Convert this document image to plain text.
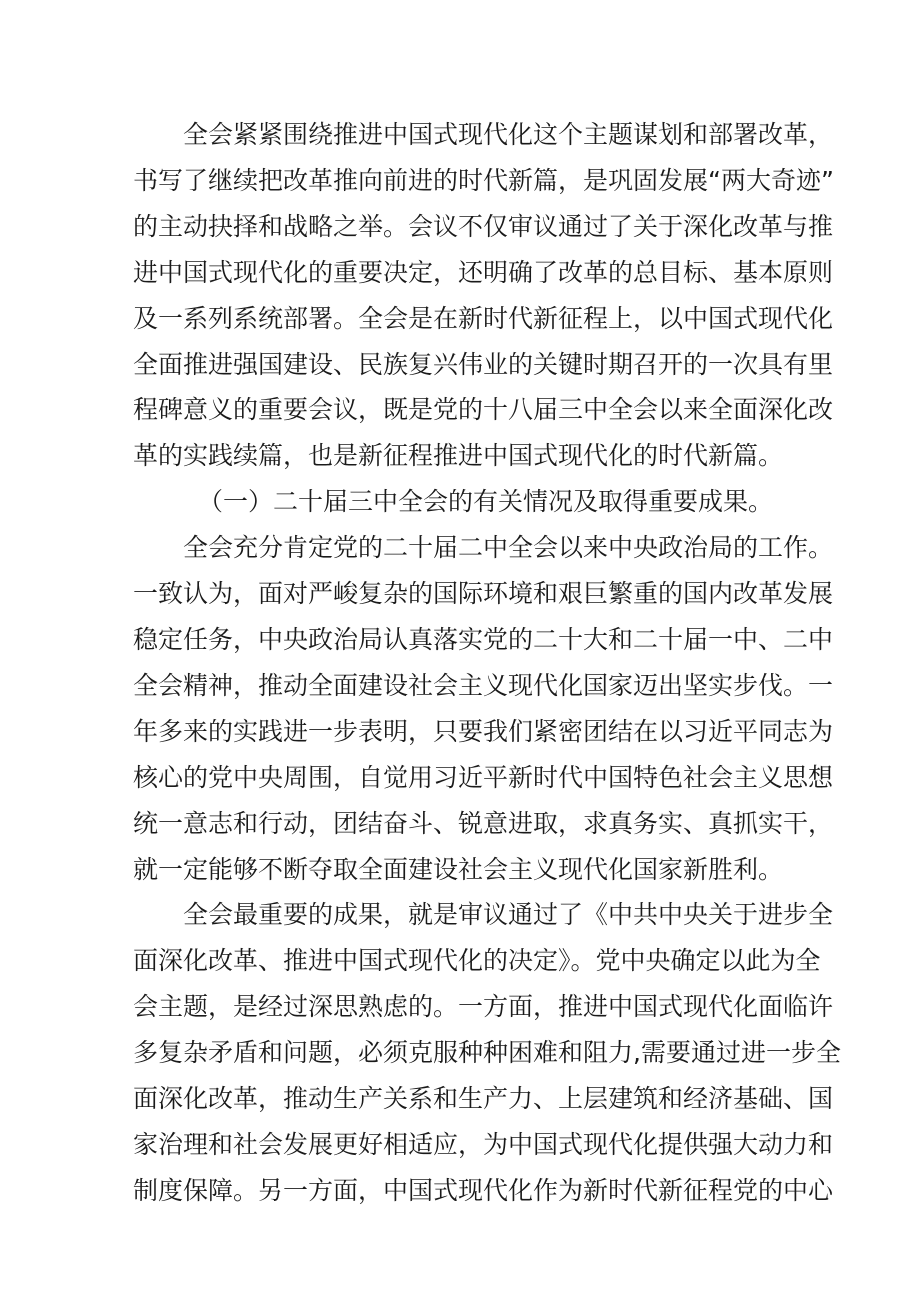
全会紧紧围绕推进中国式现代化这个主题谋划和部署改革，
书写了继续把改革推向前进的时代新篇，是巩固发展“两大奇迹”
的主动抉择和战略之举。会议不仅审议通过了关于深化改革与推
进中国式现代化的重要决定，还明确了改革的总目标、基本原则
及一系列系统部署。全会是在新时代新征程上，以中国式现代化
全面推进强国建设、民族复兴伟业的关键时期召开的一次具有里
程碑意义的重要会议，既是党的十八届三中全会以来全面深化改
革的实践续篇，也是新征程推进中国式现代化的时代新篇。

（一）二十届三中全会的有关情况及取得重要成果。

全会充分肯定党的二十届二中全会以来中央政治局的工作。
一致认为，面对严峻复杂的国际环境和艰巨繁重的国内改革发展
稳定任务，中央政治局认真落实党的二十大和二十届一中、二中
全会精神，推动全面建设社会主义现代化国家迈出坚实步伐。一
年多来的实践进一步表明，只要我们紧密团结在以习近平同志为
核心的党中央周围，自觉用习近平新时代中国特色社会主义思想
统一意志和行动，团结奋斗、锐意进取，求真务实、真抓实干，
就一定能够不断夺取全面建设社会主义现代化国家新胜利。

全会最重要的成果，就是审议通过了《中共中央关于进步全
面深化改革、推进中国式现代化的决定》。党中央确定以此为全
会主题，是经过深思熟虑的。一方面，推进中国式现代化面临许
多复杂矛盾和问题，必须克服种种困难和阻力,需要通过进一步全
面深化改革，推动生产关系和生产力、上层建筑和经济基础、国
家治理和社会发展更好相适应，为中国式现代化提供强大动力和
制度保障。另一方面，中国式现代化作为新时代新征程党的中心
